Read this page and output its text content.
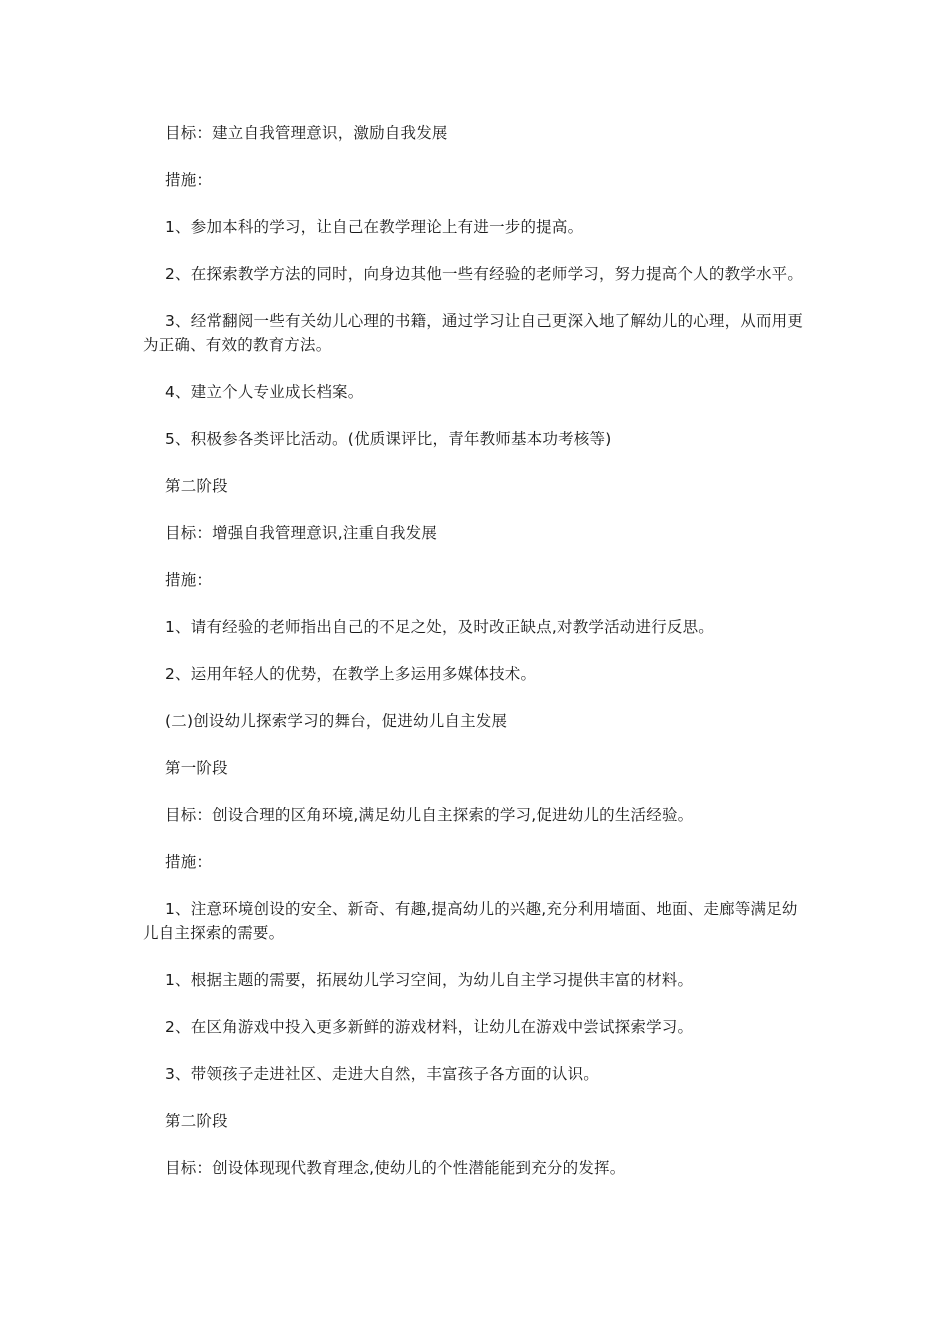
目标：建立自我管理意识，激励自我发展

措施：

1、参加本科的学习，让自己在教学理论上有进一步的提高。

2、在探索教学方法的同时，向身边其他一些有经验的老师学习，努力提高个人的教学水平。

3、经常翻阅一些有关幼儿心理的书籍，通过学习让自己更深入地了解幼儿的心理，从而用更为正确、有效的教育方法。

4、建立个人专业成长档案。

5、积极参各类评比活动。(优质课评比，青年教师基本功考核等)

第二阶段

目标：增强自我管理意识,注重自我发展

措施：

1、请有经验的老师指出自己的不足之处，及时改正缺点,对教学活动进行反思。

2、运用年轻人的优势，在教学上多运用多媒体技术。

(二)创设幼儿探索学习的舞台，促进幼儿自主发展

第一阶段

目标：创设合理的区角环境,满足幼儿自主探索的学习,促进幼儿的生活经验。

措施：

1、注意环境创设的安全、新奇、有趣,提高幼儿的兴趣,充分利用墙面、地面、走廊等满足幼儿自主探索的需要。

1、根据主题的需要，拓展幼儿学习空间，为幼儿自主学习提供丰富的材料。

2、在区角游戏中投入更多新鲜的游戏材料，让幼儿在游戏中尝试探索学习。

3、带领孩子走进社区、走进大自然，丰富孩子各方面的认识。

第二阶段

目标：创设体现现代教育理念,使幼儿的个性潜能能到充分的发挥。
